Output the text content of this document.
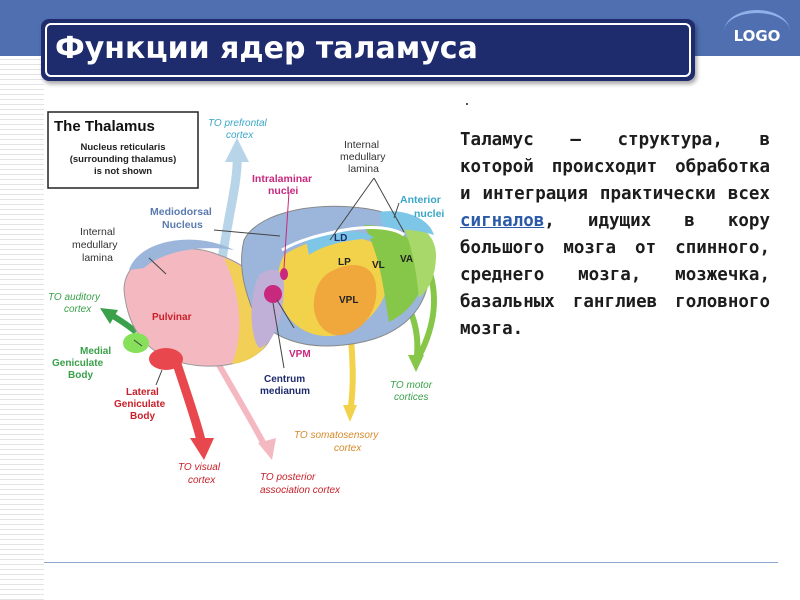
LOGO
Функции ядер таламуса
The Thalamus
Nucleus reticularis
(surrounding thalamus)
is not shown
TO prefrontal
cortex
Internal
medullary
lamina
Intralaminar
nuclei
Anterior
nuclei
Mediodorsal
Nucleus
Internal
medullary
lamina
LD
LP VL
VA
VPL
VPM
Pulvinar
TO auditory
cortex
Medial
Geniculate
Body
Lateral
Geniculate
Body
Centrum
medianum
TO motor
cortices
TO somatosensory
cortex
TO visual
cortex	TO posterior
association cortex
Таламус — структура, в которой происходит обработка и интеграция практически всех сигналов, идущих в кору большого мозга от спинного, среднего мозга, мозжечка, базальных ганглиев головного мозга.
